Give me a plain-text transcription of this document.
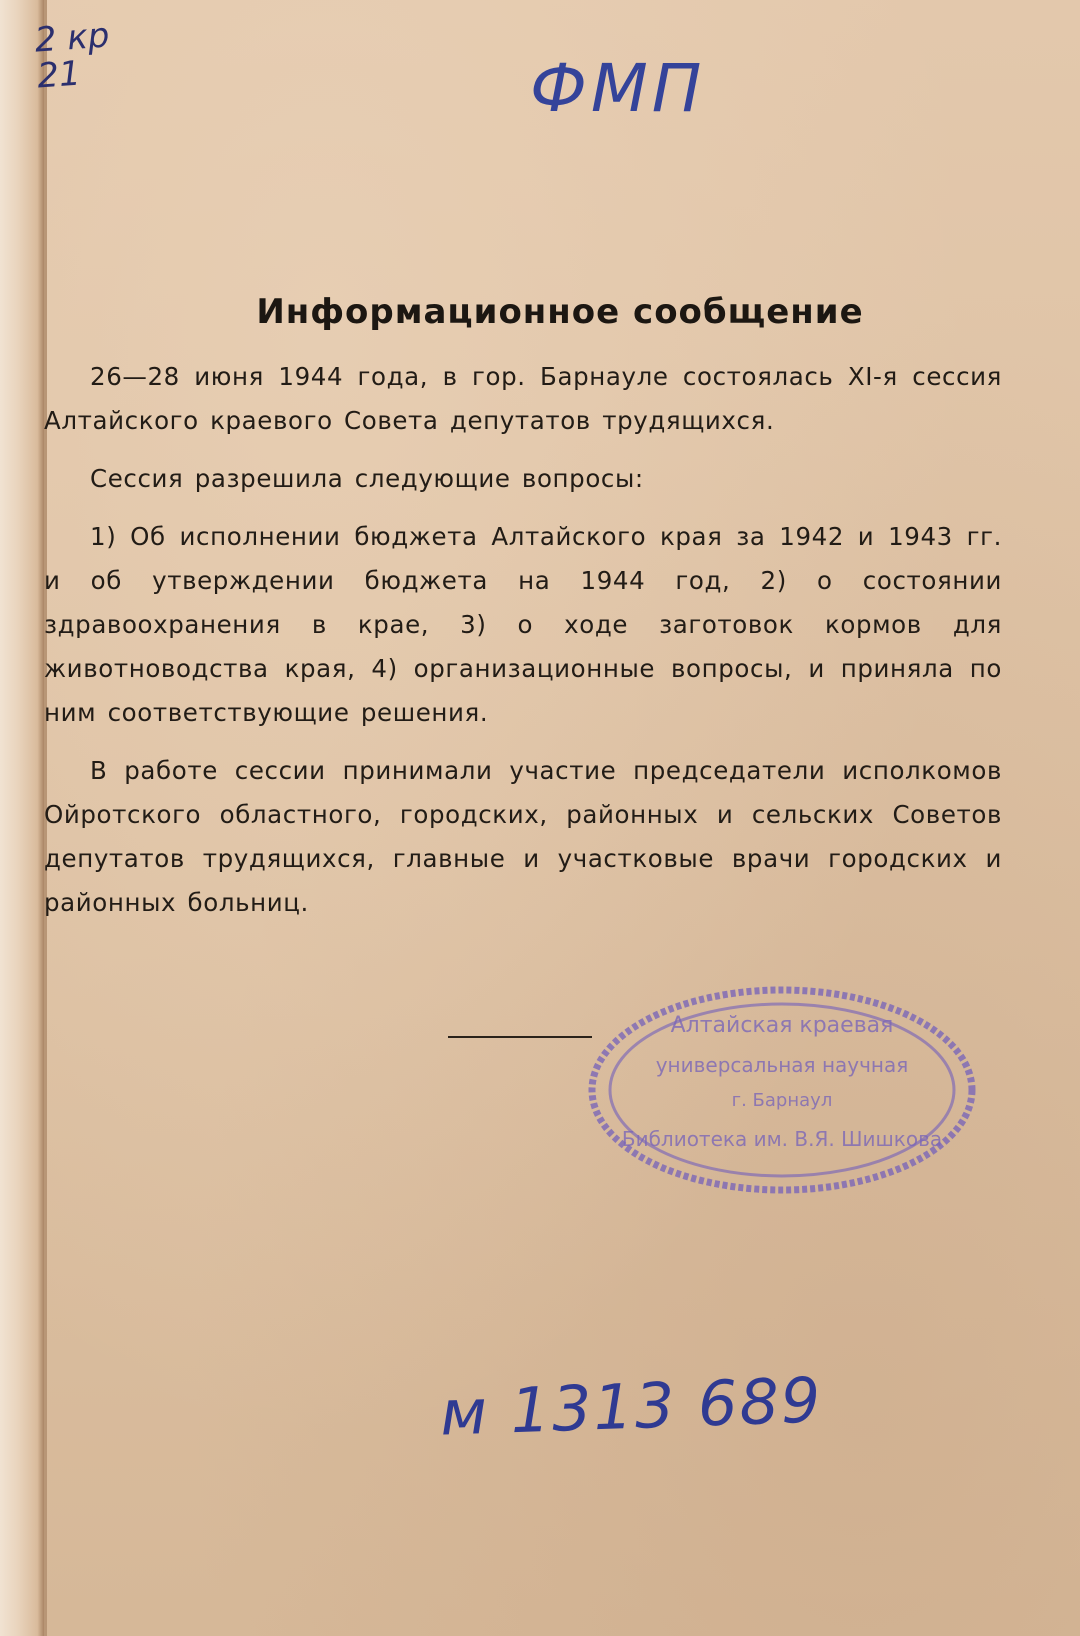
2 кр
21	ФМП
Информационное сообщение

26—28 июня 1944 года, в гор. Барнауле состоялась XI-я сессия Алтайского краевого Совета депутатов трудящихся.

Сессия разрешила следующие вопросы:

1) Об исполнении бюджета Алтайского края за 1942 и 1943 гг. и об утверждении бюджета на 1944 год, 2) о состоянии здравоохранения в крае, 3) о ходе заготовок кормов для животноводства края, 4) организационные вопросы, и приняла по ним соответствующие решения.

В работе сессии принимали участие председатели исполкомов Ойротского областного, городских, районных и сельских Советов депутатов трудящихся, главные и участковые врачи городских и районных больниц.

Алтайская краевая
универсальная научная
г. Барнаул
Библиотека им. В.Я. Шишкова
м 1313 689
